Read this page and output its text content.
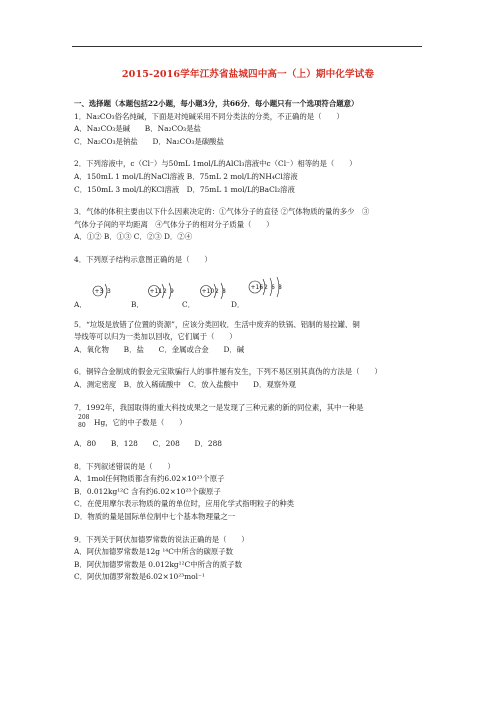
2015-2016学年江苏省盐城四中高一（上）期中化学试卷
一、选择题（本题包括22小题，每小题3分，共66分．每小题只有一个选项符合题意）
1．Na₂CO₃俗名纯碱，下面是对纯碱采用不同分类法的分类，不正确的是（　　）
A．Na₂CO₃是碱　　B．Na₂CO₃是盐
C．Na₂CO₃是钠盐　　D．Na₂CO₃是碳酸盐
2．下列溶液中，c（Cl⁻）与50mL 1mol/L的AlCl₃溶液中c（Cl⁻）相等的是（　　）
A．150mL 1 mol/L的NaCl溶液 B．75mL 2 mol/L的NH₄Cl溶液
C．150mL 3 mol/L的KCl溶液　D．75mL 1 mol/L的BaCl₂溶液
3．气体的体积主要由以下什么因素决定的：①气体分子的直径 ②气体物质的量的多少　③
气体分子间的平均距离　④气体分子的相对分子质量（　　）
A．①② B．①③ C．②③ D．②④
4．下列原子结构示意图正确的是（　　）
A．
+3 3
B．
+11 2 9
C．
+10 2 8
D．
+16 2 6 8
5．“垃圾是放错了位置的资源”，应该分类回收．生活中废弃的铁锅、铝制的易拉罐、铜
导线等可以归为一类加以回收，它们属于（　　）
A．氧化物　　B．盐　　C．金属或合金　　D．碱
6．铜锌合金制成的假金元宝欺骗行人的事件屡有发生，下列不易区别其真伪的方法是（　　）
A．测定密度　B．放入稀硫酸中　C．放入盐酸中　　D．观察外观
7．1992年，我国取得的重大科技成果之一是发现了三种元素的新的同位素，其中一种是
208
80 Hg，它的中子数是（　　）
A．80　　B．128　　C．208　　D．288
8．下列叙述错误的是（　　）
A．1mol任何物质都含有约6.02×10²³个原子
B．0.012kg¹²C 含有约6.02×10²³个碳原子
C．在使用摩尔表示物质的量的单位时，应用化学式指明粒子的种类
D．物质的量是国际单位制中七个基本物理量之一
9．下列关于阿伏加德罗常数的说法正确的是（　　）
A．阿伏加德罗常数是12g ¹⁴C中所含的碳原子数
B．阿伏加德罗常数是 0.012kg¹²C中所含的质子数
C．阿伏加德罗常数是6.02×10²³mol⁻¹
